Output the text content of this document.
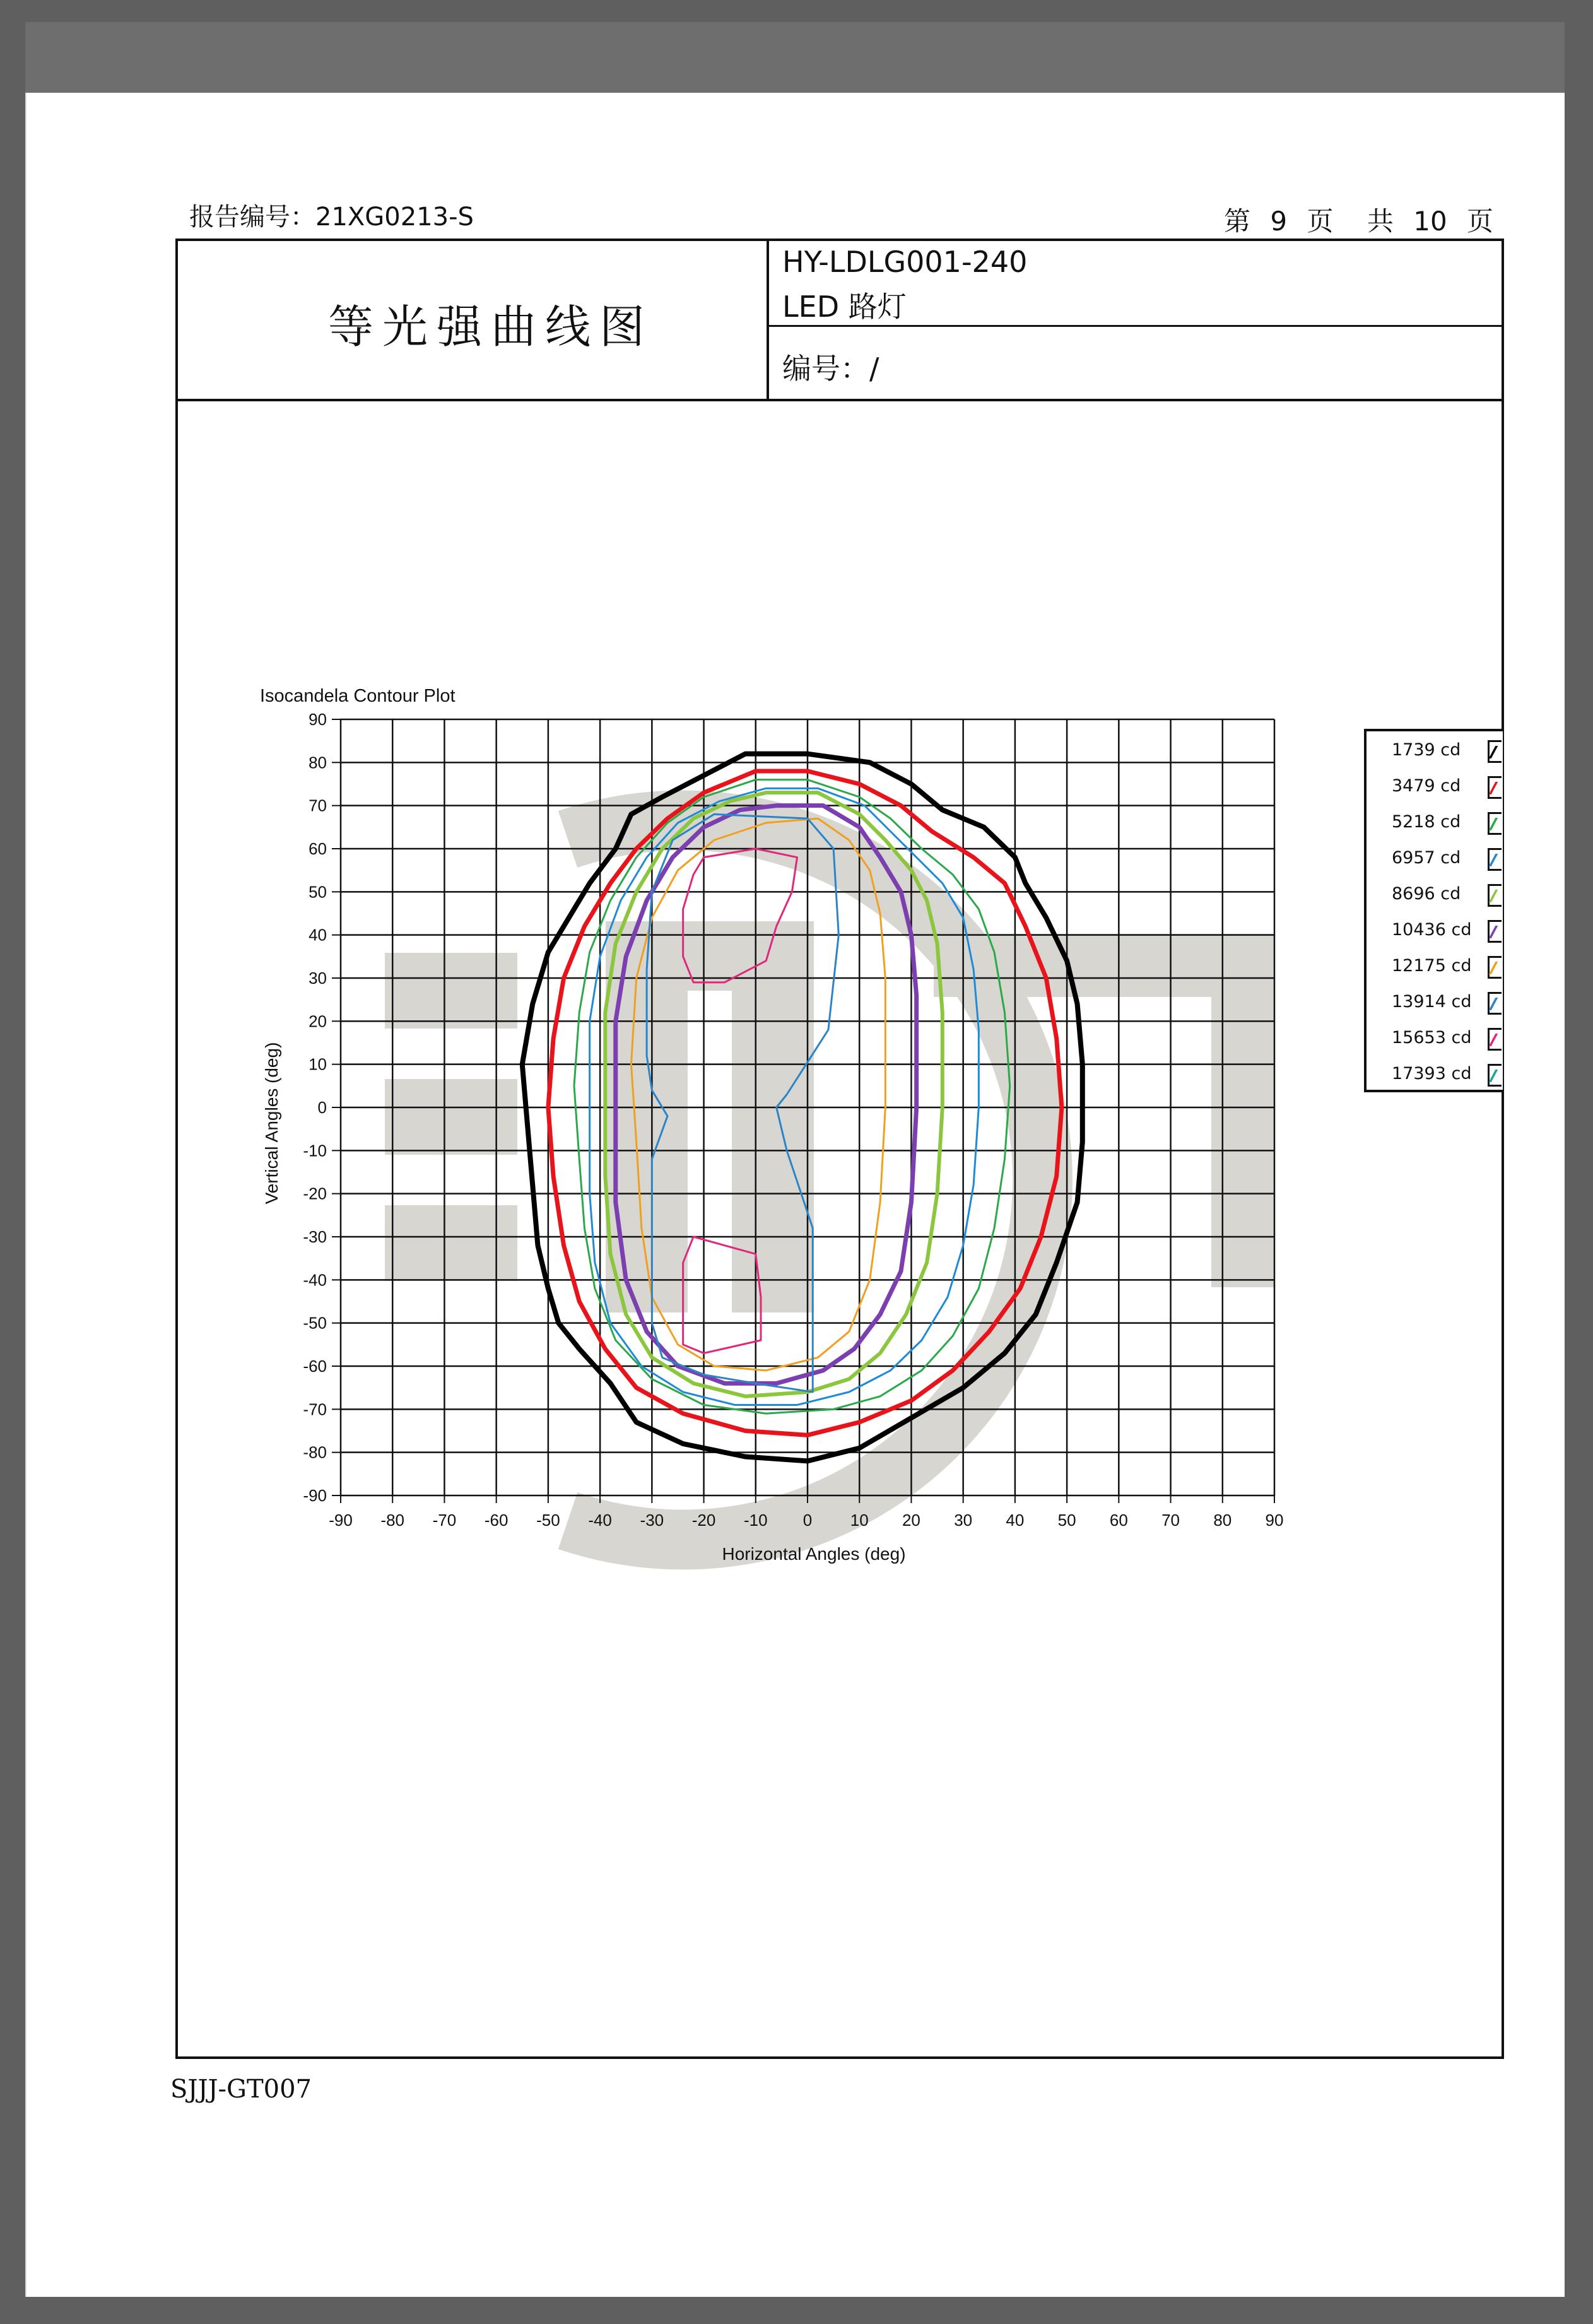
报告编号：21XG0213-S	第 9 页 共 10 页
等光强曲线图
HY-LDLG001-240
LED 路灯
编号：/
Isocandela Contour Plot
-90 -80 -70 -60 -50 -40 -30 -20 -10 0 10 20 30 40 50 60 70 80 90
90
80
70
60
50
40
30
20
10
0
-10
-20
-30
-40
-50
-60
-70
-80
-90
Horizontal Angles (deg)
Vertical Angles (deg)
1739 cd
3479 cd
5218 cd
6957 cd
8696 cd
10436 cd
12175 cd
13914 cd
15653 cd
17393 cd
SJJJ-GT007
